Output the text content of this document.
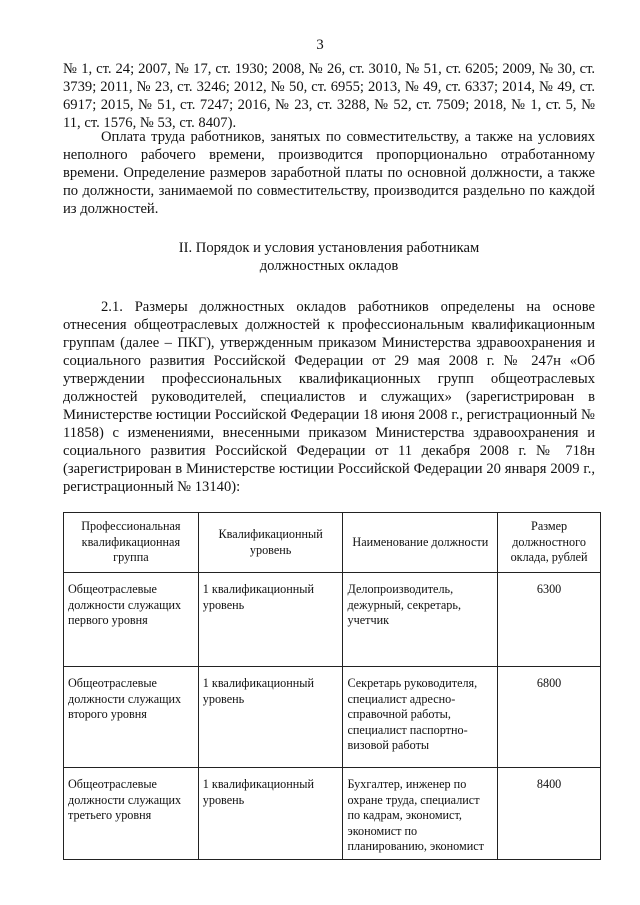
3

№ 1, ст. 24; 2007, № 17, ст. 1930; 2008, № 26, ст. 3010, № 51, ст. 6205; 2009, № 30, ст. 3739; 2011, № 23, ст. 3246; 2012, № 50, ст. 6955; 2013, № 49, ст. 6337; 2014, № 49, ст. 6917; 2015, № 51, ст. 7247; 2016, № 23, ст. 3288, № 52, ст. 7509; 2018, № 1, ст. 5, № 11, ст. 1576, № 53, ст. 8407).

Оплата труда работников, занятых по совместительству, а также на условиях неполного рабочего времени, производится пропорционально отработанному времени. Определение размеров заработной платы по основной должности, а также по должности, занимаемой по совместительству, производится раздельно по каждой из должностей.

II. Порядок и условия установления работникам
должностных окладов

2.1. Размеры должностных окладов работников определены на основе отнесения общеотраслевых должностей к профессиональным квалификационным группам (далее – ПКГ), утвержденным приказом Министерства здравоохранения и социального развития Российской Федерации от 29 мая 2008 г. № 247н «Об утверждении профессиональных квалификационных групп общеотраслевых должностей руководителей, специалистов и служащих» (зарегистрирован в Министерстве юстиции Российской Федерации 18 июня 2008 г., регистрационный № 11858) с изменениями, внесенными приказом Министерства здравоохранения и социального развития Российской Федерации от 11 декабря 2008 г. № 718н (зарегистрирован в Министерстве юстиции Российской Федерации 20 января 2009 г., регистрационный № 13140):

Профессиональная квалификационная группа	Квалификационный уровень	Наименование должности	Размер должностного оклада, рублей
Общеотраслевые должности служащих первого уровня	1 квалификационный уровень	Делопроизводитель, дежурный, секретарь, учетчик	6300
Общеотраслевые должности служащих второго уровня	1 квалификационный уровень	Секретарь руководителя, специалист адресно-справочной работы, специалист паспортно-визовой работы	6800
Общеотраслевые должности служащих третьего уровня	1 квалификационный уровень	Бухгалтер, инженер по охране труда, специалист по кадрам, экономист, экономист по планированию, экономист	8400
